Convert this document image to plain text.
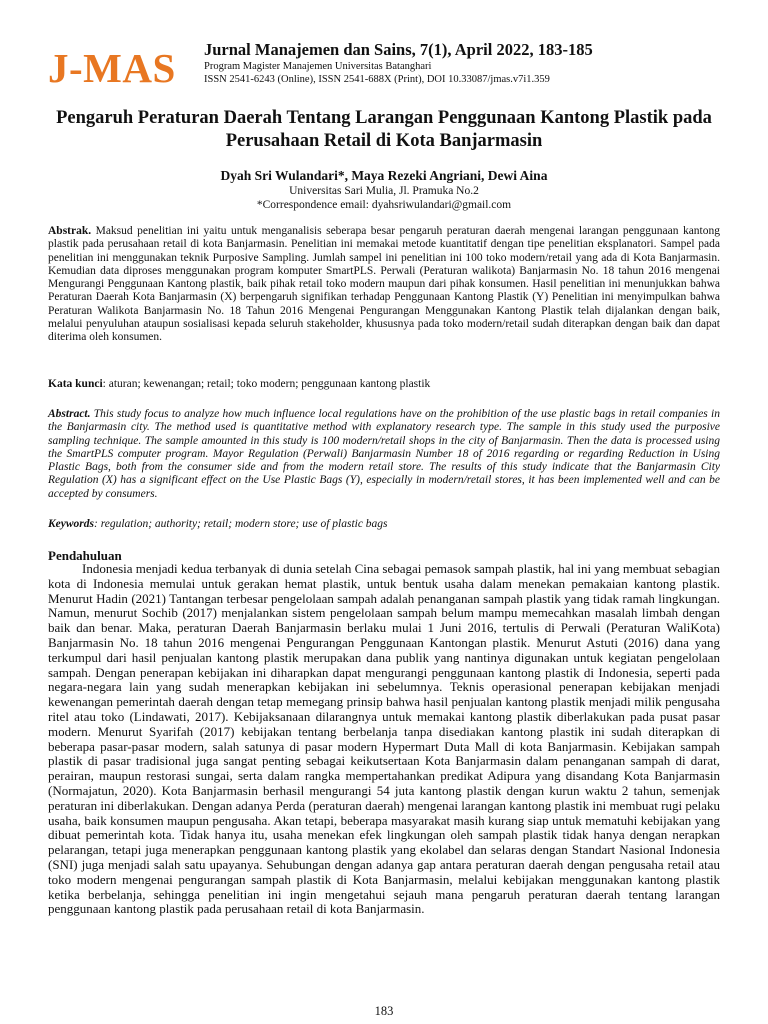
J-MAS Jurnal Manajemen dan Sains, 7(1), April 2022, 183-185
Program Magister Manajemen Universitas Batanghari
ISSN 2541-6243 (Online), ISSN 2541-688X (Print), DOI 10.33087/jmas.v7i1.359
Pengaruh Peraturan Daerah Tentang Larangan Penggunaan Kantong Plastik pada Perusahaan Retail di Kota Banjarmasin
Dyah Sri Wulandari*, Maya Rezeki Angriani, Dewi Aina
Universitas Sari Mulia, Jl. Pramuka No.2
*Correspondence email: dyahsriwulandari@gmail.com
Abstrak. Maksud penelitian ini yaitu untuk menganalisis seberapa besar pengaruh peraturan daerah mengenai larangan penggunaan kantong plastik pada perusahaan retail di kota Banjarmasin. Penelitian ini memakai metode kuantitatif dengan tipe penelitian eksplanatori. Sampel pada penelitian ini menggunakan teknik Purposive Sampling. Jumlah sampel ini penelitian ini 100 toko modern/retail yang ada di Kota Banjarmasin. Kemudian data diproses menggunakan program komputer SmartPLS. Perwali (Peraturan walikota) Banjarmasin No. 18 tahun 2016 mengenai Mengurangi Penggunaan Kantong plastik, baik pihak retail toko modern maupun dari pihak konsumen. Hasil penelitian ini menunjukkan bahwa Peraturan Daerah Kota Banjarmasin (X) berpengaruh signifikan terhadap Penggunaan Kantong Plastik (Y) Penelitian ini menyimpulkan bahwa Peraturan Walikota Banjarmasin No. 18 Tahun 2016 Mengenai Pengurangan Menggunakan Kantong Plastik telah dijalankan dengan baik, melalui penyuluhan ataupun sosialisasi kepada seluruh stakeholder, khususnya pada toko modern/retail sudah diterapkan dengan baik dan dapat diterima oleh konsumen.
Kata kunci: aturan; kewenangan; retail; toko modern; penggunaan kantong plastik
Abstract. This study focus to analyze how much influence local regulations have on the prohibition of the use plastic bags in retail companies in the Banjarmasin city. The method used is quantitative method with explanatory research type. The sample in this study used the purposive sampling technique. The sample amounted in this study is 100 modern/retail shops in the city of Banjarmasin. Then the data is processed using the SmartPLS computer program. Mayor Regulation (Perwali) Banjarmasin Number 18 of 2016 regarding or regarding Reduction in Using Plastic Bags, both from the consumer side and from the modern retail store. The results of this study indicate that the Banjarmasin City Regulation (X) has a significant effect on the Use Plastic Bags (Y), especially in modern/retail stores, it has been implemented well and can be accepted by consumers.
Keywords: regulation; authority; retail; modern store; use of plastic bags
Pendahuluan

Indonesia menjadi kedua terbanyak di dunia setelah Cina sebagai pemasok sampah plastik, hal ini yang membuat sebagian kota di Indonesia memulai untuk gerakan hemat plastik, untuk bentuk usaha dalam menekan pemakaian kantong plastik. Menurut Hadin (2021) Tantangan terbesar pengelolaan sampah adalah penanganan sampah plastik yang tidak ramah lingkungan. Namun, menurut Sochib (2017) menjalankan sistem pengelolaan sampah belum mampu memecahkan masalah limbah dengan baik dan benar. Maka, peraturan Daerah Banjarmasin berlaku mulai 1 Juni 2016, tertulis di Perwali (Peraturan WaliKota) Banjarmasin No. 18 tahun 2016 mengenai Pengurangan Penggunaan Kantongan plastik. Menurut Astuti (2016) dana yang terkumpul dari hasil penjualan kantong plastik merupakan dana publik yang nantinya digunakan untuk kegiatan pengelolaan sampah. Dengan penerapan kebijakan ini diharapkan dapat mengurangi penggunaan kantong plastik di Indonesia, seperti pada negara-negara lain yang sudah menerapkan kebijakan ini sebelumnya. Teknis operasional penerapan kebijakan menjadi kewenangan pemerintah daerah dengan tetap memegang prinsip bahwa hasil penjualan kantong plastik menjadi milik pengusaha ritel atau toko (Lindawati, 2017). Kebijaksanaan dilarangnya untuk memakai kantong plastik diberlakukan pada pusat pasar modern. Menurut Syarifah (2017) kebijakan tentang berbelanja tanpa disediakan kantong plastik ini sudah diterapkan di beberapa pasar-pasar modern, salah satunya di pasar modern Hypermart Duta Mall di kota Banjarmasin. Kebijakan sampah plastik di pasar tradisional juga sangat penting sebagai keikutsertaan Kota Banjarmasin dalam penanganan sampah di darat, perairan, maupun restorasi sungai, serta dalam rangka mempertahankan predikat Adipura yang disandang Kota Banjarmasin (Normajatun, 2020). Kota Banjarmasin berhasil mengurangi 54 juta kantong plastik dengan kurun waktu 2 tahun, semenjak peraturan ini diberlakukan. Dengan adanya Perda (peraturan daerah) mengenai larangan kantong plastik ini membuat rugi pelaku usaha, baik konsumen maupun pengusaha. Akan tetapi, beberapa masyarakat masih kurang siap untuk mematuhi kebijakan yang dibuat pemerintah kota. Tidak hanya itu, usaha menekan efek lingkungan oleh sampah plastik tidak hanya dengan nerapkan pelarangan, tetapi juga menerapkan penggunaan kantong plastik yang ekolabel dan selaras dengan Standart Nasional Indonesia (SNI) juga menjadi salah satu upayanya. Sehubungan dengan adanya gap antara peraturan daerah dengan pengusaha retail atau toko modern mengenai pengurangan sampah plastik di Kota Banjarmasin, melalui kebijakan menggunakan kantong plastik ketika berbelanja, sehingga penelitian ini ingin mengetahui sejauh mana pengaruh peraturan daerah tentang larangan penggunaan kantong plastik pada perusahaan retail di kota Banjarmasin.

183
